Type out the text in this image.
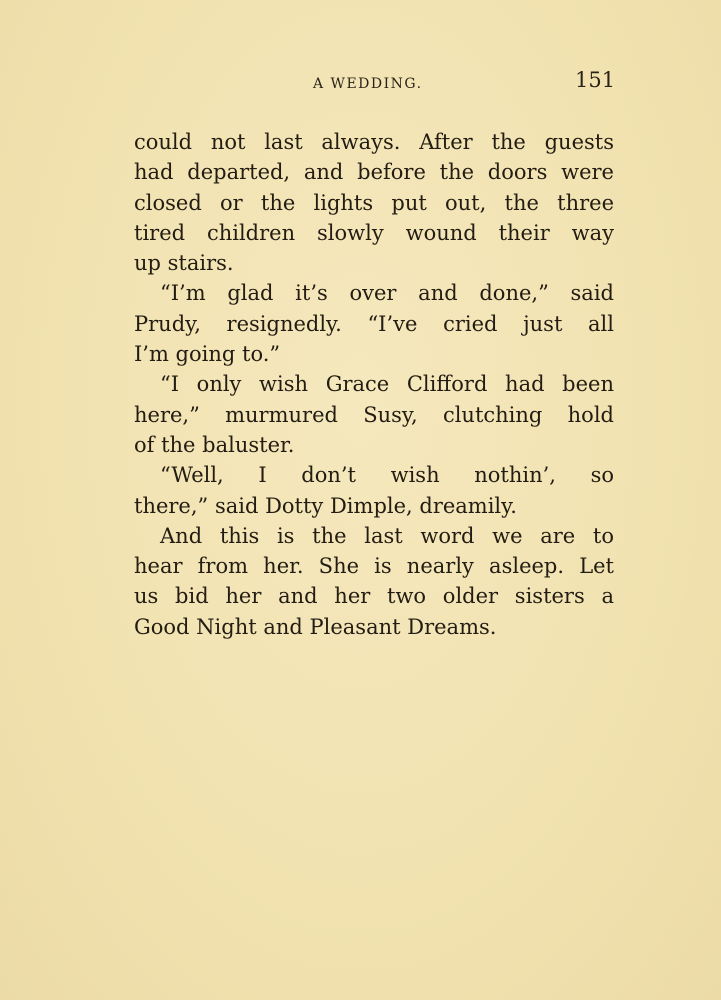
A WEDDING.	151
could not last always. After the guests
had departed, and before the doors were
closed or the lights put out, the three
tired children slowly wound their way
up stairs.
“I’m glad it’s over and done,” said
Prudy, resignedly. “I’ve cried just all
I’m going to.”
“I only wish Grace Clifford had been
here,” murmured Susy, clutching hold
of the baluster.
“Well, I don’t wish nothin’, so
there,” said Dotty Dimple, dreamily.
And this is the last word we are to
hear from her. She is nearly asleep. Let
us bid her and her two older sisters a
Good Night and Pleasant Dreams.
